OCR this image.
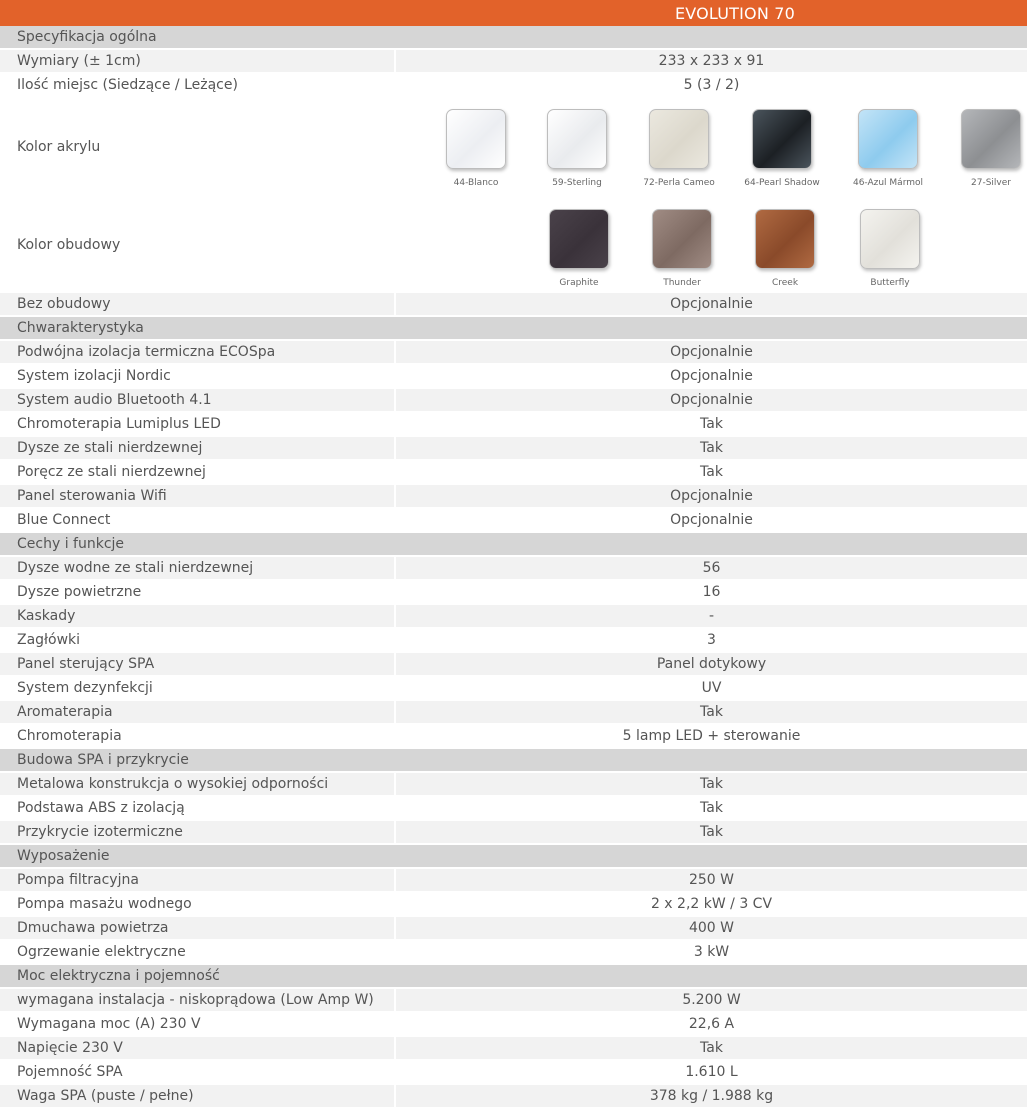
EVOLUTION 70
Specyfikacja ogólna
Wymiary (± 1cm)	233 x 233 x 91
Ilość miejsc (Siedzące / Leżące)	5 (3 / 2)
Kolor akrylu
44-Blanco	59-Sterling	72-Perla Cameo	64-Pearl Shadow	46-Azul Mármol	27-Silver
Kolor obudowy
Graphite	Thunder	Creek	Butterfly
Bez obudowy	Opcjonalnie
Chwarakterystyka
Podwójna izolacja termiczna ECOSpa	Opcjonalnie
System izolacji Nordic	Opcjonalnie
System audio Bluetooth 4.1	Opcjonalnie
Chromoterapia Lumiplus LED	Tak
Dysze ze stali nierdzewnej	Tak
Poręcz ze stali nierdzewnej	Tak
Panel sterowania Wifi	Opcjonalnie
Blue Connect	Opcjonalnie
Cechy i funkcje
Dysze wodne ze stali nierdzewnej	56
Dysze powietrzne	16
Kaskady	-
Zagłówki	3
Panel sterujący SPA	Panel dotykowy
System dezynfekcji	UV
Aromaterapia	Tak
Chromoterapia	5 lamp LED + sterowanie
Budowa SPA i przykrycie
Metalowa konstrukcja o wysokiej odporności	Tak
Podstawa ABS z izolacją	Tak
Przykrycie izotermiczne	Tak
Wyposażenie
Pompa filtracyjna	250 W
Pompa masażu wodnego	2 x 2,2 kW / 3 CV
Dmuchawa powietrza	400 W
Ogrzewanie elektryczne	3 kW
Moc elektryczna i pojemność
wymagana instalacja - niskoprądowa (Low Amp W)	5.200 W
Wymagana moc (A) 230 V	22,6 A
Napięcie 230 V	Tak
Pojemność SPA	1.610 L
Waga SPA (puste / pełne)	378 kg / 1.988 kg
